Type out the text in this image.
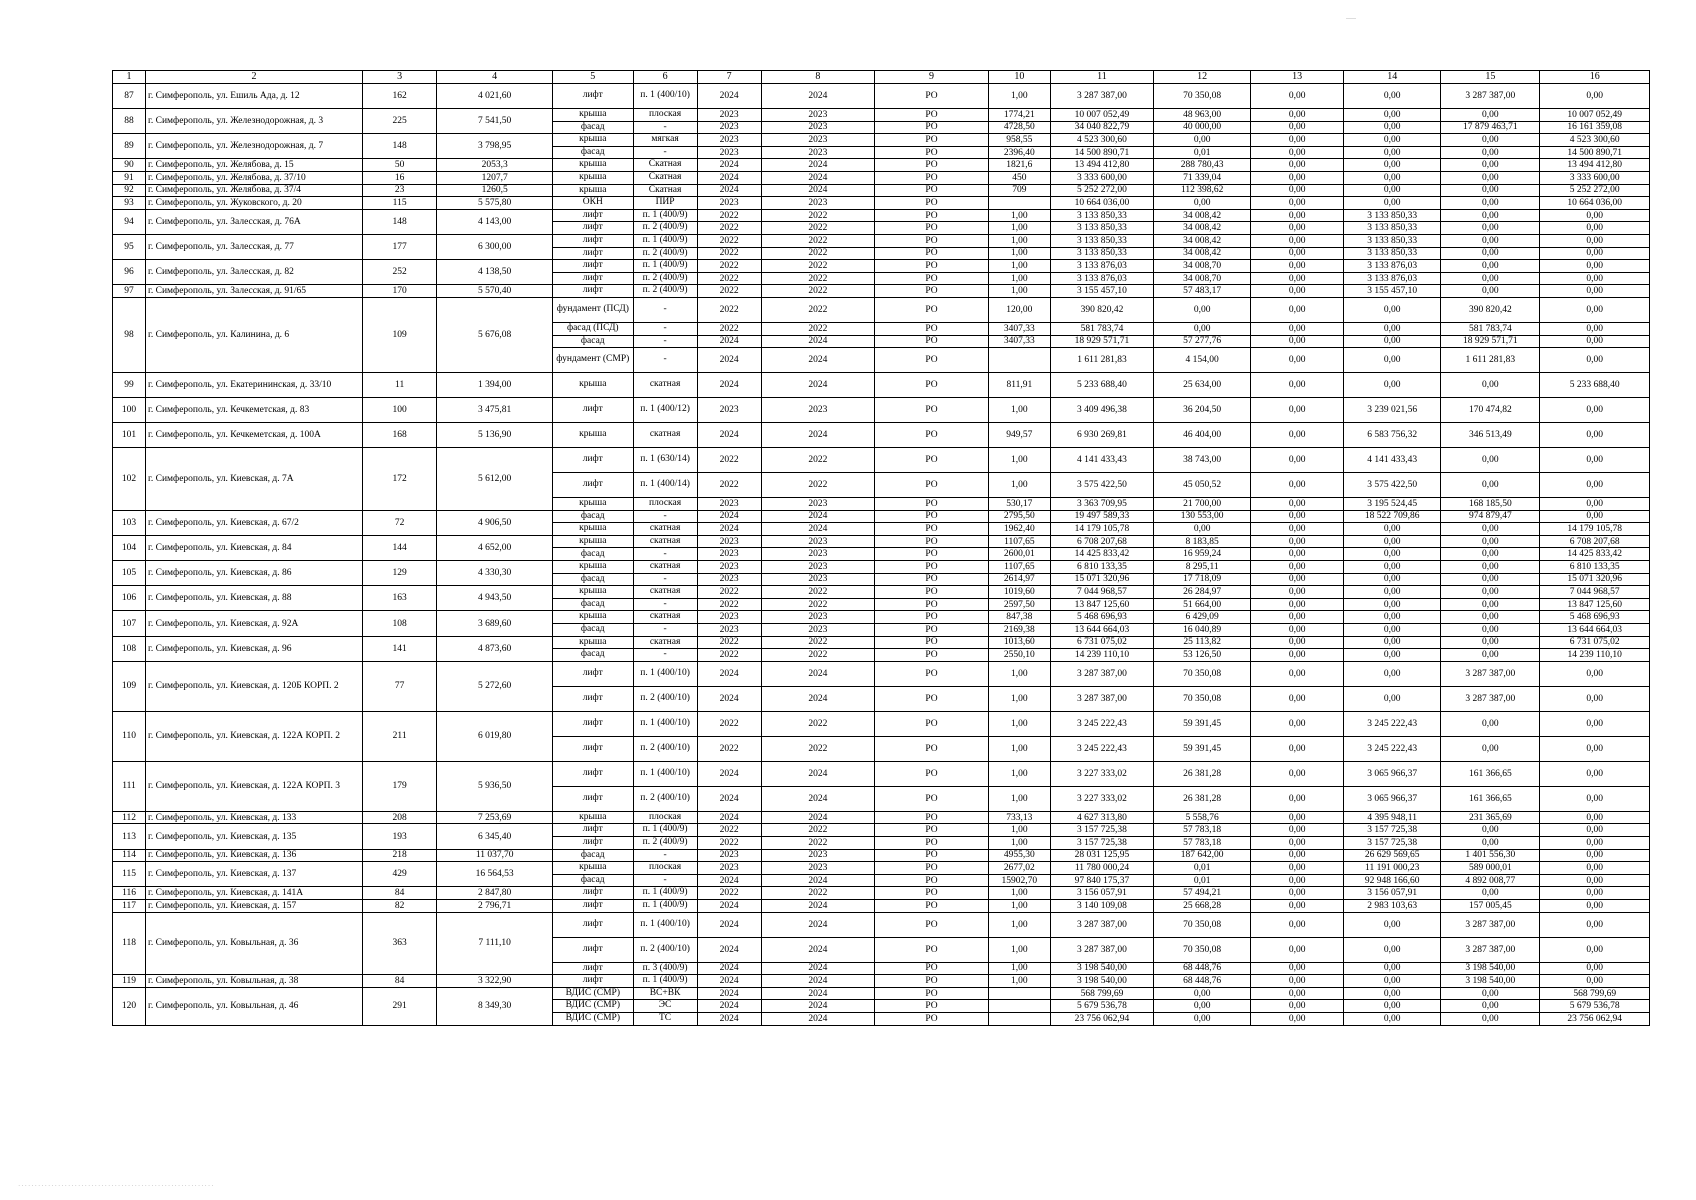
1	2	3	4	5	6	7	8	9	10	11	12	13	14	15	16
87	г. Симферополь, ул. Ешиль Ада, д. 12	162	4 021,60	лифт	п. 1 (400/10)	2024	2024	РО	1,00	3 287 387,00	70 350,08	0,00	0,00	3 287 387,00	0,00
88	г. Симферополь, ул. Железнодорожная, д. 3	225	7 541,50	крыша	плоская	2023	2023	РО	1774,21	10 007 052,49	48 963,00	0,00	0,00	0,00	10 007 052,49
				фасад	-	2023	2023	РО	4728,50	34 040 822,79	40 000,00	0,00	0,00	17 879 463,71	16 161 359,08
89	г. Симферополь, ул. Железнодорожная, д. 7	148	3 798,95	крыша	мягкая	2023	2023	РО	958,55	4 523 300,60	0,00	0,00	0,00	0,00	4 523 300,60
				фасад	-	2023	2023	РО	2396,40	14 500 890,71	0,01	0,00	0,00	0,00	14 500 890,71
90	г. Симферополь, ул. Желябова, д. 15	50	2053,3	крыша	Скатная	2024	2024	РО	1821,6	13 494 412,80	288 780,43	0,00	0,00	0,00	13 494 412,80
91	г. Симферополь, ул. Желябова, д. 37/10	16	1207,7	крыша	Скатная	2024	2024	РО	450	3 333 600,00	71 339,04	0,00	0,00	0,00	3 333 600,00
92	г. Симферополь, ул. Желябова, д. 37/4	23	1260,5	крыша	Скатная	2024	2024	РО	709	5 252 272,00	112 398,62	0,00	0,00	0,00	5 252 272,00
93	г. Симферополь, ул. Жуковского, д. 20	115	5 575,80	ОКН	ПИР	2023	2023	РО		10 664 036,00	0,00	0,00	0,00	0,00	10 664 036,00
94	г. Симферополь, ул. Залесская, д. 76А	148	4 143,00	лифт	п. 1 (400/9)	2022	2022	РО	1,00	3 133 850,33	34 008,42	0,00	3 133 850,33	0,00	0,00
				лифт	п. 2 (400/9)	2022	2022	РО	1,00	3 133 850,33	34 008,42	0,00	3 133 850,33	0,00	0,00
95	г. Симферополь, ул. Залесская, д. 77	177	6 300,00	лифт	п. 1 (400/9)	2022	2022	РО	1,00	3 133 850,33	34 008,42	0,00	3 133 850,33	0,00	0,00
				лифт	п. 2 (400/9)	2022	2022	РО	1,00	3 133 850,33	34 008,42	0,00	3 133 850,33	0,00	0,00
96	г. Симферополь, ул. Залесская, д. 82	252	4 138,50	лифт	п. 1 (400/9)	2022	2022	РО	1,00	3 133 876,03	34 008,70	0,00	3 133 876,03	0,00	0,00
				лифт	п. 2 (400/9)	2022	2022	РО	1,00	3 133 876,03	34 008,70	0,00	3 133 876,03	0,00	0,00
97	г. Симферополь, ул. Залесская, д. 91/65	170	5 570,40	лифт	п. 2 (400/9)	2022	2022	РО	1,00	3 155 457,10	57 483,17	0,00	3 155 457,10	0,00	0,00
98	г. Симферополь, ул. Калинина, д. 6	109	5 676,08	фундамент (ПСД)	-	2022	2022	РО	120,00	390 820,42	0,00	0,00	0,00	390 820,42	0,00
				фасад (ПСД)	-	2022	2022	РО	3407,33	581 783,74	0,00	0,00	0,00	581 783,74	0,00
				фасад	-	2024	2024	РО	3407,33	18 929 571,71	57 277,76	0,00	0,00	18 929 571,71	0,00
				фундамент (СМР)	-	2024	2024	РО		1 611 281,83	4 154,00	0,00	0,00	1 611 281,83	0,00
99	г. Симферополь, ул. Екатерининская, д. 33/10	11	1 394,00	крыша	скатная	2024	2024	РО	811,91	5 233 688,40	25 634,00	0,00	0,00	0,00	5 233 688,40
100	г. Симферополь, ул. Кечкеметская, д. 83	100	3 475,81	лифт	п. 1 (400/12)	2023	2023	РО	1,00	3 409 496,38	36 204,50	0,00	3 239 021,56	170 474,82	0,00
101	г. Симферополь, ул. Кечкеметская, д. 100А	168	5 136,90	крыша	скатная	2024	2024	РО	949,57	6 930 269,81	46 404,00	0,00	6 583 756,32	346 513,49	0,00
102	г. Симферополь, ул. Киевская, д. 7А	172	5 612,00	лифт	п. 1 (630/14)	2022	2022	РО	1,00	4 141 433,43	38 743,00	0,00	4 141 433,43	0,00	0,00
				лифт	п. 1 (400/14)	2022	2022	РО	1,00	3 575 422,50	45 050,52	0,00	3 575 422,50	0,00	0,00
				крыша	плоская	2023	2023	РО	530,17	3 363 709,95	21 700,00	0,00	3 195 524,45	168 185,50	0,00
103	г. Симферополь, ул. Киевская, д. 67/2	72	4 906,50	фасад	-	2024	2024	РО	2795,50	19 497 589,33	130 553,00	0,00	18 522 709,86	974 879,47	0,00
				крыша	скатная	2024	2024	РО	1962,40	14 179 105,78	0,00	0,00	0,00	0,00	14 179 105,78
104	г. Симферополь, ул. Киевская, д. 84	144	4 652,00	крыша	скатная	2023	2023	РО	1107,65	6 708 207,68	8 183,85	0,00	0,00	0,00	6 708 207,68
				фасад	-	2023	2023	РО	2600,01	14 425 833,42	16 959,24	0,00	0,00	0,00	14 425 833,42
105	г. Симферополь, ул. Киевская, д. 86	129	4 330,30	крыша	скатная	2023	2023	РО	1107,65	6 810 133,35	8 295,11	0,00	0,00	0,00	6 810 133,35
				фасад	-	2023	2023	РО	2614,97	15 071 320,96	17 718,09	0,00	0,00	0,00	15 071 320,96
106	г. Симферополь, ул. Киевская, д. 88	163	4 943,50	крыша	скатная	2022	2022	РО	1019,60	7 044 968,57	26 284,97	0,00	0,00	0,00	7 044 968,57
				фасад	-	2022	2022	РО	2597,50	13 847 125,60	51 664,00	0,00	0,00	0,00	13 847 125,60
107	г. Симферополь, ул. Киевская, д. 92А	108	3 689,60	крыша	скатная	2023	2023	РО	847,38	5 468 696,93	6 429,09	0,00	0,00	0,00	5 468 696,93
				фасад	-	2023	2023	РО	2169,38	13 644 664,03	16 040,89	0,00	0,00	0,00	13 644 664,03
108	г. Симферополь, ул. Киевская, д. 96	141	4 873,60	крыша	скатная	2022	2022	РО	1013,60	6 731 075,02	25 113,82	0,00	0,00	0,00	6 731 075,02
				фасад	-	2022	2022	РО	2550,10	14 239 110,10	53 126,50	0,00	0,00	0,00	14 239 110,10
109	г. Симферополь, ул. Киевская, д. 120Б КОРП. 2	77	5 272,60	лифт	п. 1 (400/10)	2024	2024	РО	1,00	3 287 387,00	70 350,08	0,00	0,00	3 287 387,00	0,00
				лифт	п. 2 (400/10)	2024	2024	РО	1,00	3 287 387,00	70 350,08	0,00	0,00	3 287 387,00	0,00
110	г. Симферополь, ул. Киевская, д. 122А КОРП. 2	211	6 019,80	лифт	п. 1 (400/10)	2022	2022	РО	1,00	3 245 222,43	59 391,45	0,00	3 245 222,43	0,00	0,00
				лифт	п. 2 (400/10)	2022	2022	РО	1,00	3 245 222,43	59 391,45	0,00	3 245 222,43	0,00	0,00
111	г. Симферополь, ул. Киевская, д. 122А КОРП. 3	179	5 936,50	лифт	п. 1 (400/10)	2024	2024	РО	1,00	3 227 333,02	26 381,28	0,00	3 065 966,37	161 366,65	0,00
				лифт	п. 2 (400/10)	2024	2024	РО	1,00	3 227 333,02	26 381,28	0,00	3 065 966,37	161 366,65	0,00
112	г. Симферополь, ул. Киевская, д. 133	208	7 253,69	крыша	плоская	2024	2024	РО	733,13	4 627 313,80	5 558,76	0,00	4 395 948,11	231 365,69	0,00
113	г. Симферополь, ул. Киевская, д. 135	193	6 345,40	лифт	п. 1 (400/9)	2022	2022	РО	1,00	3 157 725,38	57 783,18	0,00	3 157 725,38	0,00	0,00
				лифт	п. 2 (400/9)	2022	2022	РО	1,00	3 157 725,38	57 783,18	0,00	3 157 725,38	0,00	0,00
114	г. Симферополь, ул. Киевская, д. 136	218	11 037,70	фасад	-	2023	2023	РО	4955,30	28 031 125,95	187 642,00	0,00	26 629 569,65	1 401 556,30	0,00
115	г. Симферополь, ул. Киевская, д. 137	429	16 564,53	крыша	плоская	2023	2023	РО	2677,02	11 780 000,24	0,01	0,00	11 191 000,23	589 000,01	0,00
				фасад	-	2024	2024	РО	15902,70	97 840 175,37	0,01	0,00	92 948 166,60	4 892 008,77	0,00
116	г. Симферополь, ул. Киевская, д. 141А	84	2 847,80	лифт	п. 1 (400/9)	2022	2022	РО	1,00	3 156 057,91	57 494,21	0,00	3 156 057,91	0,00	0,00
117	г. Симферополь, ул. Киевская, д. 157	82	2 796,71	лифт	п. 1 (400/9)	2024	2024	РО	1,00	3 140 109,08	25 668,28	0,00	2 983 103,63	157 005,45	0,00
118	г. Симферополь, ул. Ковыльная, д. 36	363	7 111,10	лифт	п. 1 (400/10)	2024	2024	РО	1,00	3 287 387,00	70 350,08	0,00	0,00	3 287 387,00	0,00
				лифт	п. 2 (400/10)	2024	2024	РО	1,00	3 287 387,00	70 350,08	0,00	0,00	3 287 387,00	0,00
				лифт	п. 3 (400/9)	2024	2024	РО	1,00	3 198 540,00	68 448,76	0,00	0,00	3 198 540,00	0,00
119	г. Симферополь, ул. Ковыльная, д. 38	84	3 322,90	лифт	п. 1 (400/9)	2024	2024	РО	1,00	3 198 540,00	68 448,76	0,00	0,00	3 198 540,00	0,00
120	г. Симферополь, ул. Ковыльная, д. 46	291	8 349,30	ВДИС (СМР)	ВС+ВК	2024	2024	РО		568 799,69	0,00	0,00	0,00	0,00	568 799,69
				ВДИС (СМР)	ЭС	2024	2024	РО		5 679 536,78	0,00	0,00	0,00	0,00	5 679 536,78
				ВДИС (СМР)	ТС	2024	2024	РО		23 756 062,94	0,00	0,00	0,00	0,00	23 756 062,94
···························································
